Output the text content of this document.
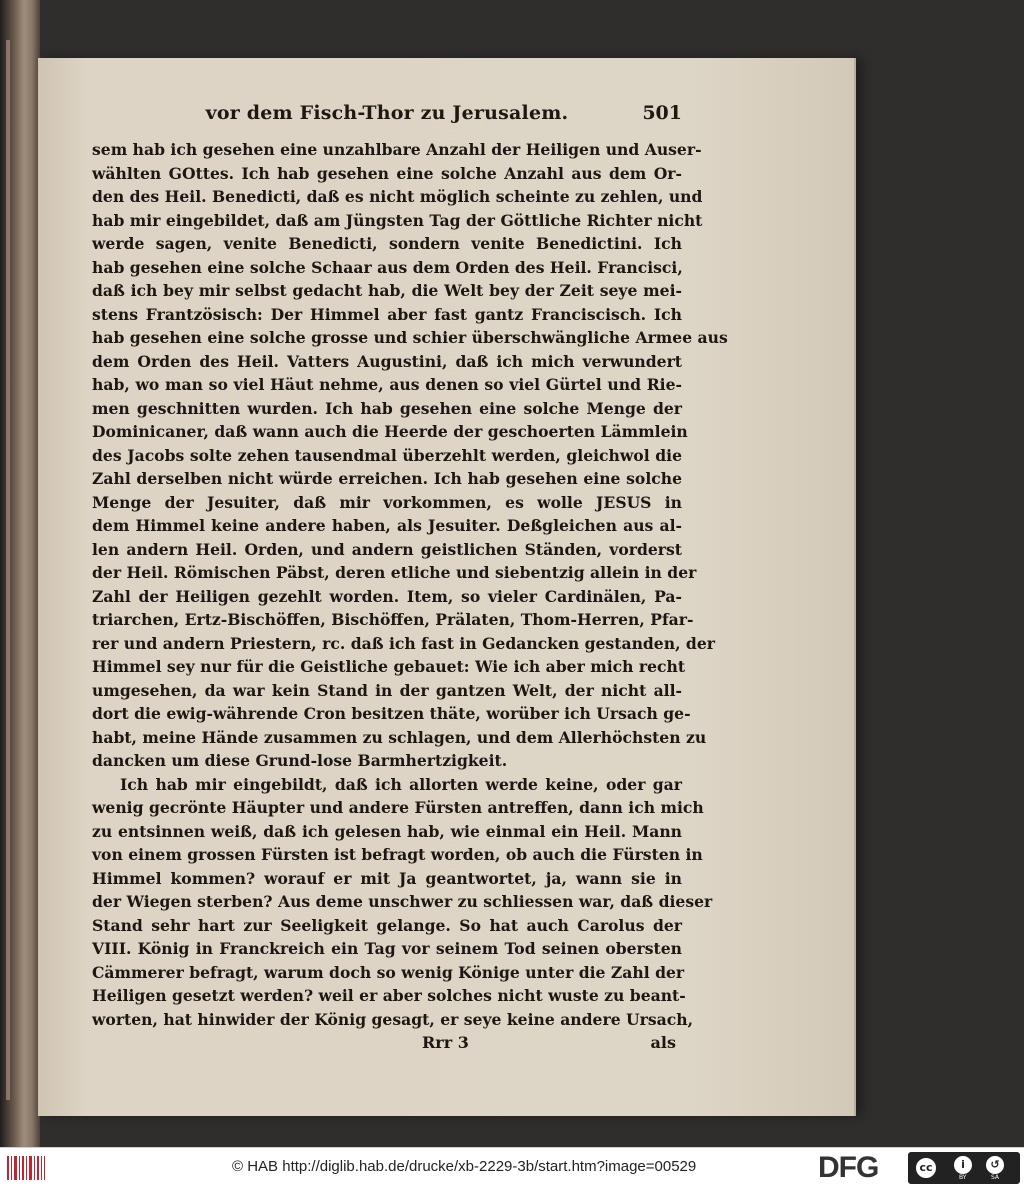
vor dem Fisch-Thor zu Jerusalem.	501
sem hab ich gesehen eine unzahlbare Anzahl der Heiligen und Auser-
wählten GOttes. Ich hab gesehen eine solche Anzahl aus dem Or-
den des Heil. Benedicti, daß es nicht möglich scheinte zu zehlen, und
hab mir eingebildet, daß am Jüngsten Tag der Göttliche Richter nicht
werde sagen, venite Benedicti, sondern venite Benedictini. Ich
hab gesehen eine solche Schaar aus dem Orden des Heil. Francisci,
daß ich bey mir selbst gedacht hab, die Welt bey der Zeit seye mei-
stens Frantzösisch: Der Himmel aber fast gantz Franciscisch. Ich
hab gesehen eine solche grosse und schier überschwängliche Armee aus
dem Orden des Heil. Vatters Augustini, daß ich mich verwundert
hab, wo man so viel Häut nehme, aus denen so viel Gürtel und Rie-
men geschnitten wurden. Ich hab gesehen eine solche Menge der
Dominicaner, daß wann auch die Heerde der geschoerten Lämmlein
des Jacobs solte zehen tausendmal überzehlt werden, gleichwol die
Zahl derselben nicht würde erreichen. Ich hab gesehen eine solche
Menge der Jesuiter, daß mir vorkommen, es wolle JESUS in
dem Himmel keine andere haben, als Jesuiter. Deßgleichen aus al-
len andern Heil. Orden, und andern geistlichen Ständen, vorderst
der Heil. Römischen Päbst, deren etliche und siebentzig allein in der
Zahl der Heiligen gezehlt worden. Item, so vieler Cardinälen, Pa-
triarchen, Ertz-Bischöffen, Bischöffen, Prälaten, Thom-Herren, Pfar-
rer und andern Priestern, rc. daß ich fast in Gedancken gestanden, der
Himmel sey nur für die Geistliche gebauet: Wie ich aber mich recht
umgesehen, da war kein Stand in der gantzen Welt, der nicht all-
dort die ewig-währende Cron besitzen thäte, worüber ich Ursach ge-
habt, meine Hände zusammen zu schlagen, und dem Allerhöchsten zu
dancken um diese Grund-lose Barmhertzigkeit.
Ich hab mir eingebildt, daß ich allorten werde keine, oder gar
wenig gecrönte Häupter und andere Fürsten antreffen, dann ich mich
zu entsinnen weiß, daß ich gelesen hab, wie einmal ein Heil. Mann
von einem grossen Fürsten ist befragt worden, ob auch die Fürsten in
Himmel kommen? worauf er mit Ja geantwortet, ja, wann sie in
der Wiegen sterben? Aus deme unschwer zu schliessen war, daß dieser
Stand sehr hart zur Seeligkeit gelange. So hat auch Carolus der
VIII. König in Franckreich ein Tag vor seinem Tod seinen obersten
Cämmerer befragt, warum doch so wenig Könige unter die Zahl der
Heiligen gesetzt werden? weil er aber solches nicht wuste zu beant-
worten, hat hinwider der König gesagt, er seye keine andere Ursach,
Rrr 3	als
© HAB http://diglib.hab.de/drucke/xb-2229-3b/start.htm?image=00529	DFG	cc	i	↺
BY	SA
